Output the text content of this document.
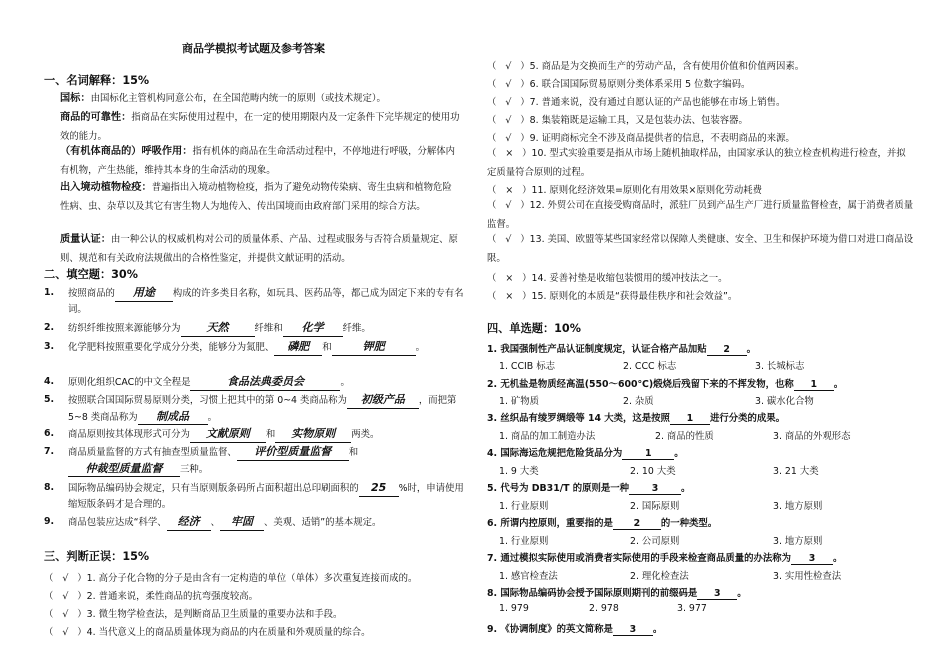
商品学模拟考试题及参考答案
一、名词解释：15%
国标：由国标化主管机构同意公布，在全国范畴内统一的原则（或技术规定）。
商品的可靠性：指商品在实际使用过程中，在一定的使用期限内及一定条件下完毕规定的使用功效的能力。
（有机体商品的）呼吸作用：指有机体的商品在生命活动过程中，不停地进行呼吸，分解体内有机物，产生热能，维持其本身的生命活动的现象。
出入境动植物检疫：普遍指出入境动植物检疫，指为了避免动物传染病、寄生虫病和植物危险性病、虫、杂草以及其它有害生物人为地传入、传出国境而由政府部门采用的综合方法。
质量认证：由一种公认的权威机构对公司的质量体系、产品、过程或服务与否符合质量规定、原则、规范和有关政府法规做出的合格性鉴定，并提供文献证明的活动。
二、填空题：30%
1. 按照商品的 用途 构成的许多类目名称，如玩具、医药品等，都己成为固定下来的专有名词。
2. 纺织纤维按照来源能够分为 天然	纤维和 化学 纤维。
3. 化学肥料按照重要化学成分分类，能够分为氮肥、 磷肥 和	钾肥	。
4. 原则化组织CAC的中文全程是	食品法典委员会	。
5. 按照联合国国际贸易原则分类，习惯上把其中的第 0~4 类商品称为 初级产品 ，而把第 5~8 类商品称为 制成品 。
6. 商品原则按其体现形式可分为 文献原则 和 实物原则 两类。
7. 商品质量监督的方式有抽查型质量监督、 评价型质量监督 和仲裁型质量监督 三种。
8. 国际物品编码协会规定，只有当原则版条码所占面积超出总印刷面积的 25 %时，申请使用缩短版条码才是合理的。
9. 商品包装应达成“科学、 经济 、 牢固 、美观、适销”的基本规定。
三、判断正误：15%
（   √   ）1. 高分子化合物的分子是由含有一定构造的单位（单体）多次重复连接而成的。
（   √   ）2. 普通来说，柔性商品的抗弯强度较高。
（   √   ）3. 微生物学检查法，是判断商品卫生质量的重要办法和手段。
（   √   ）4. 当代意义上的商品质量体现为商品的内在质量和外观质量的综合。
（   √   ）5. 商品是为交换而生产的劳动产品，含有使用价值和价值两因素。
（   √   ）6. 联合国国际贸易原则分类体系采用 5 位数字编码。
（   √   ）7. 普通来说，没有通过自愿认证的产品也能够在市场上销售。
（   √   ）8. 集装箱既是运输工具，又是包装办法、包装容器。
（   √   ）9. 证明商标完全不涉及商品提供者的信息，不表明商品的来源。
（   ×   ）10. 型式实验重要是指从市场上随机抽取样品，由国家承认的独立检查机构进行检查，并拟定质量符合原则的过程。
（   ×   ）11. 原则化经济效果=原则化有用效果×原则化劳动耗费
（   √   ）12. 外贸公司在直接受购商品时，派驻厂员到产品生产厂进行质量监督检查，属于消费者质量监督。
（   √   ）13. 美国、欧盟等某些国家经常以保障人类健康、安全、卫生和保护环境为借口对进口商品设限。
（   ×   ）14. 妥善衬垫是收缩包装惯用的缓冲技法之一。
（   ×   ）15. 原则化的本质是“获得最佳秩序和社会效益”。
四、单选题：10%
1. 我国强制性产品认证制度规定，认证合格产品加贴 2 。
1. CCIB 标志	2. CCC 标志	3. 长城标志
2. 无机盐是物质经高温(550～600℃)煅烧后残留下来的不挥发物，也称 1 。
1. 矿物质	2. 杂质	3. 碳水化合物
3. 丝织品有绫罗绸缎等 14 大类，这是按照 1 进行分类的成果。
1. 商品的加工制造办法	2. 商品的性质	3. 商品的外观形态
4. 国际海运危规把危险货品分为 1 。
1. 9 大类	2. 10 大类	3. 21 大类
5. 代号为 DB31/T 的原则是一种 3 。
1. 行业原则	2. 国际原则	3. 地方原则
6. 所谓内控原则，重要指的是 2 的一种类型。
1. 行业原则	2. 公司原则	3. 地方原则
7. 通过模拟实际使用或消费者实际使用的手段来检查商品质量的办法称为 3 。
1. 感官检查法	2. 理化检查法	3. 实用性检查法
8. 国际物品编码协会授予国际原则期刊的前缀码是 3 。
1. 979	2. 978	3. 977
9. 《协调制度》的英文简称是 3 。
